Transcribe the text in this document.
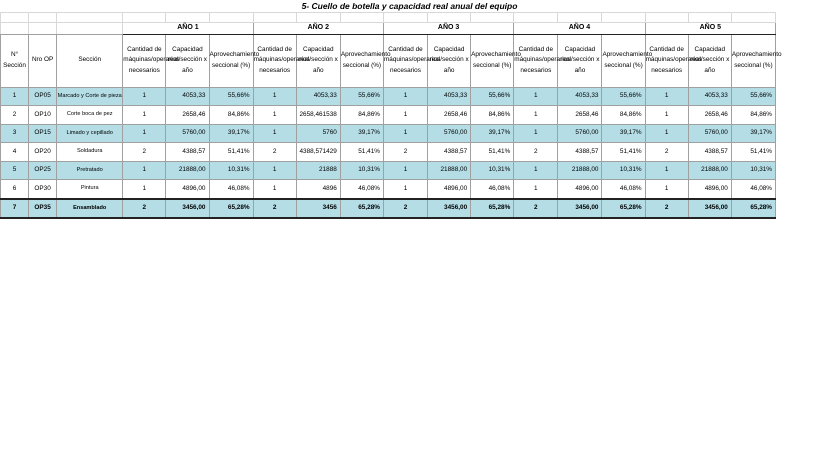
5- Cuello de botella y capacidad real anual del equipo

			AÑO 1			AÑO 2			AÑO 3			AÑO 4			AÑO 5		
N° Sección	Nro OP	Sección	Cantidad de máquinas/operarios necesarios	Capacidad real/sección x año	Aprovechamiento seccional (%)	Cantidad de máquinas/operarios necesarios	Capacidad real/sección x año	Aprovechamiento seccional (%)	Cantidad de máquinas/operarios necesarios	Capacidad real/sección x año	Aprovechamiento seccional (%)	Cantidad de máquinas/operarios necesarios	Capacidad real/sección x año	Aprovechamiento seccional (%)	Cantidad de máquinas/operarios necesarios	Capacidad real/sección x año	Aprovechamiento seccional (%)
1	OP05	Marcado y Corte de pieza	1	4053,33	55,66%	1	4053,33	55,66%	1	4053,33	55,66%	1	4053,33	55,66%	1	4053,33	55,66%
2	OP10	Corte boca de pez	1	2658,46	84,86%	1	2658,461538	84,86%	1	2658,46	84,86%	1	2658,46	84,86%	1	2658,46	84,86%
3	OP15	Limado y cepillado	1	5760,00	39,17%	1	5760	39,17%	1	5760,00	39,17%	1	5760,00	39,17%	1	5760,00	39,17%
4	OP20	Soldadura	2	4388,57	51,41%	2	4388,571429	51,41%	2	4388,57	51,41%	2	4388,57	51,41%	2	4388,57	51,41%
5	OP25	Pretratado	1	21888,00	10,31%	1	21888	10,31%	1	21888,00	10,31%	1	21888,00	10,31%	1	21888,00	10,31%
6	OP30	Pintura	1	4896,00	46,08%	1	4896	46,08%	1	4896,00	46,08%	1	4896,00	46,08%	1	4896,00	46,08%
7	OP35	Ensamblado	2	3456,00	65,28%	2	3456	65,28%	2	3456,00	65,28%	2	3456,00	65,28%	2	3456,00	65,28%
